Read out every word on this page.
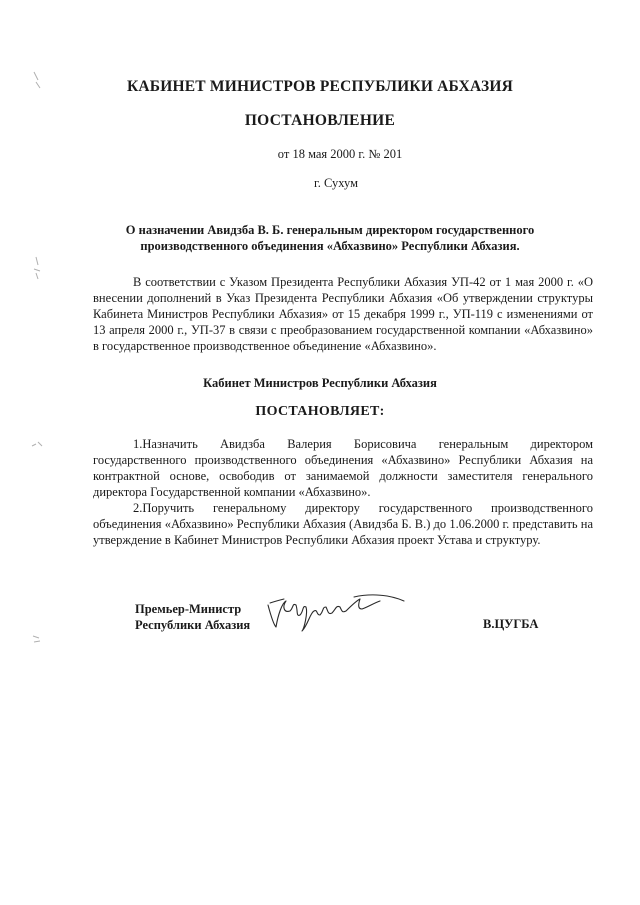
КАБИНЕТ МИНИСТРОВ РЕСПУБЛИКИ АБХАЗИЯ
ПОСТАНОВЛЕНИЕ
от 18 мая 2000 г. № 201
г. Сухум
О назначении Авидзба В. Б. генеральным директором государственного
производственного объединения «Абхазвино» Республики Абхазия.
В соответствии с Указом Президента Республики Абхазия УП-42 от 1 мая 2000 г. «О внесении дополнений в Указ Президента Республики Абхазия «Об утверждении структуры Кабинета Министров Республики Абхазия» от 15 декабря 1999 г., УП-119 с изменениями от 13 апреля 2000 г., УП-37 в связи с преобразованием государственной компании «Абхазвино» в государственное производственное объединение «Абхазвино».
Кабинет Министров Республики Абхазия
ПОСТАНОВЛЯЕТ:
1.Назначить Авидзба Валерия Борисовича генеральным директором государственного производственного объединения «Абхазвино» Республики Абхазия на контрактной основе, освободив от занимаемой должности заместителя генерального директора Государственной компании «Абхазвино».
2.Поручить генеральному директору государственного производственного объединения «Абхазвино» Республики Абхазия (Авидзба Б. В.) до 1.06.2000 г. представить на утверждение в Кабинет Министров Республики Абхазия проект Устава и структуру.
Премьер-Министр
Республики Абхазия	В.ЦУГБА
